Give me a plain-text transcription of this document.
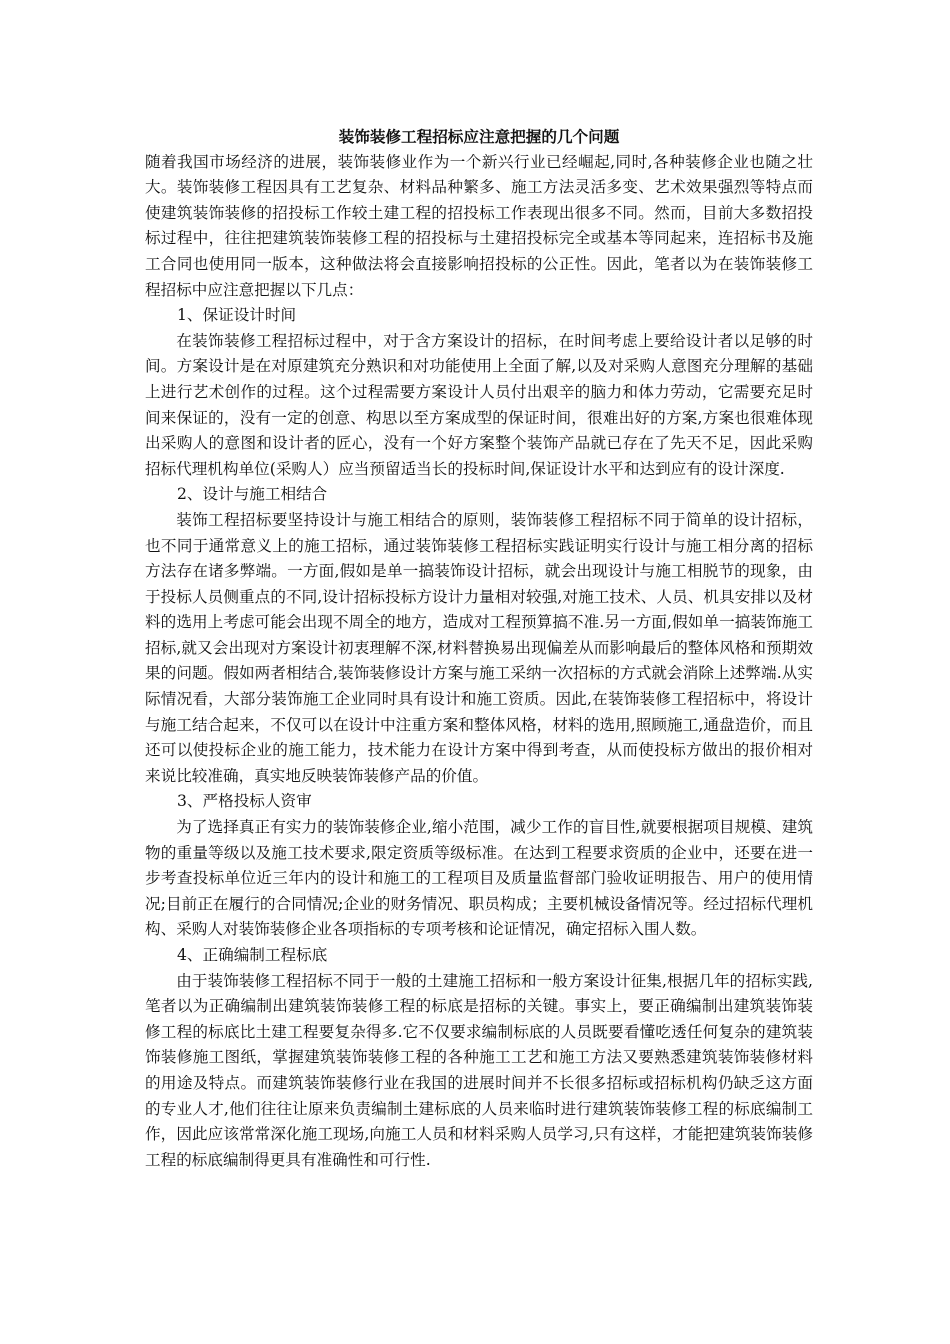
装饰装修工程招标应注意把握的几个问题

随着我国市场经济的进展，装饰装修业作为一个新兴行业已经崛起,同时,各种装修企业也随之壮大。装饰装修工程因具有工艺复杂、材料品种繁多、施工方法灵活多变、艺术效果强烈等特点而使建筑装饰装修的招投标工作较土建工程的招投标工作表现出很多不同。然而，目前大多数招投标过程中，往往把建筑装饰装修工程的招投标与土建招投标完全或基本等同起来，连招标书及施工合同也使用同一版本，这种做法将会直接影响招投标的公正性。因此，笔者以为在装饰装修工程招标中应注意把握以下几点：

1、保证设计时间

在装饰装修工程招标过程中，对于含方案设计的招标，在时间考虑上要给设计者以足够的时间。方案设计是在对原建筑充分熟识和对功能使用上全面了解,以及对采购人意图充分理解的基础上进行艺术创作的过程。这个过程需要方案设计人员付出艰辛的脑力和体力劳动，它需要充足时间来保证的，没有一定的创意、构思以至方案成型的保证时间，很难出好的方案,方案也很难体现出采购人的意图和设计者的匠心，没有一个好方案整个装饰产品就已存在了先天不足，因此采购招标代理机构单位(采购人）应当预留适当长的投标时间,保证设计水平和达到应有的设计深度.

2、设计与施工相结合

装饰工程招标要坚持设计与施工相结合的原则，装饰装修工程招标不同于简单的设计招标，也不同于通常意义上的施工招标，通过装饰装修工程招标实践证明实行设计与施工相分离的招标方法存在诸多弊端。一方面,假如是单一搞装饰设计招标，就会出现设计与施工相脱节的现象，由于投标人员侧重点的不同,设计招标投标方设计力量相对较强,对施工技术、人员、机具安排以及材料的选用上考虑可能会出现不周全的地方，造成对工程预算搞不准.另一方面,假如单一搞装饰施工招标,就又会出现对方案设计初衷理解不深,材料替换易出现偏差从而影响最后的整体风格和预期效果的问题。假如两者相结合,装饰装修设计方案与施工采纳一次招标的方式就会消除上述弊端.从实际情况看，大部分装饰施工企业同时具有设计和施工资质。因此,在装饰装修工程招标中，将设计与施工结合起来，不仅可以在设计中注重方案和整体风格，材料的选用,照顾施工,通盘造价，而且还可以使投标企业的施工能力，技术能力在设计方案中得到考查，从而使投标方做出的报价相对来说比较准确，真实地反映装饰装修产品的价值。

3、严格投标人资审

为了选择真正有实力的装饰装修企业,缩小范围，减少工作的盲目性,就要根据项目规模、建筑物的重量等级以及施工技术要求,限定资质等级标准。在达到工程要求资质的企业中，还要在进一步考查投标单位近三年内的设计和施工的工程项目及质量监督部门验收证明报告、用户的使用情况;目前正在履行的合同情况;企业的财务情况、职员构成；主要机械设备情况等。经过招标代理机构、采购人对装饰装修企业各项指标的专项考核和论证情况，确定招标入围人数。

4、正确编制工程标底

由于装饰装修工程招标不同于一般的土建施工招标和一般方案设计征集,根据几年的招标实践,笔者以为正确编制出建筑装饰装修工程的标底是招标的关键。事实上，要正确编制出建筑装饰装修工程的标底比土建工程要复杂得多.它不仅要求编制标底的人员既要看懂吃透任何复杂的建筑装饰装修施工图纸，掌握建筑装饰装修工程的各种施工工艺和施工方法又要熟悉建筑装饰装修材料的用途及特点。而建筑装饰装修行业在我国的进展时间并不长很多招标或招标机构仍缺乏这方面的专业人才,他们往往让原来负责编制土建标底的人员来临时进行建筑装饰装修工程的标底编制工作，因此应该常常深化施工现场,向施工人员和材料采购人员学习,只有这样，才能把建筑装饰装修工程的标底编制得更具有准确性和可行性.
